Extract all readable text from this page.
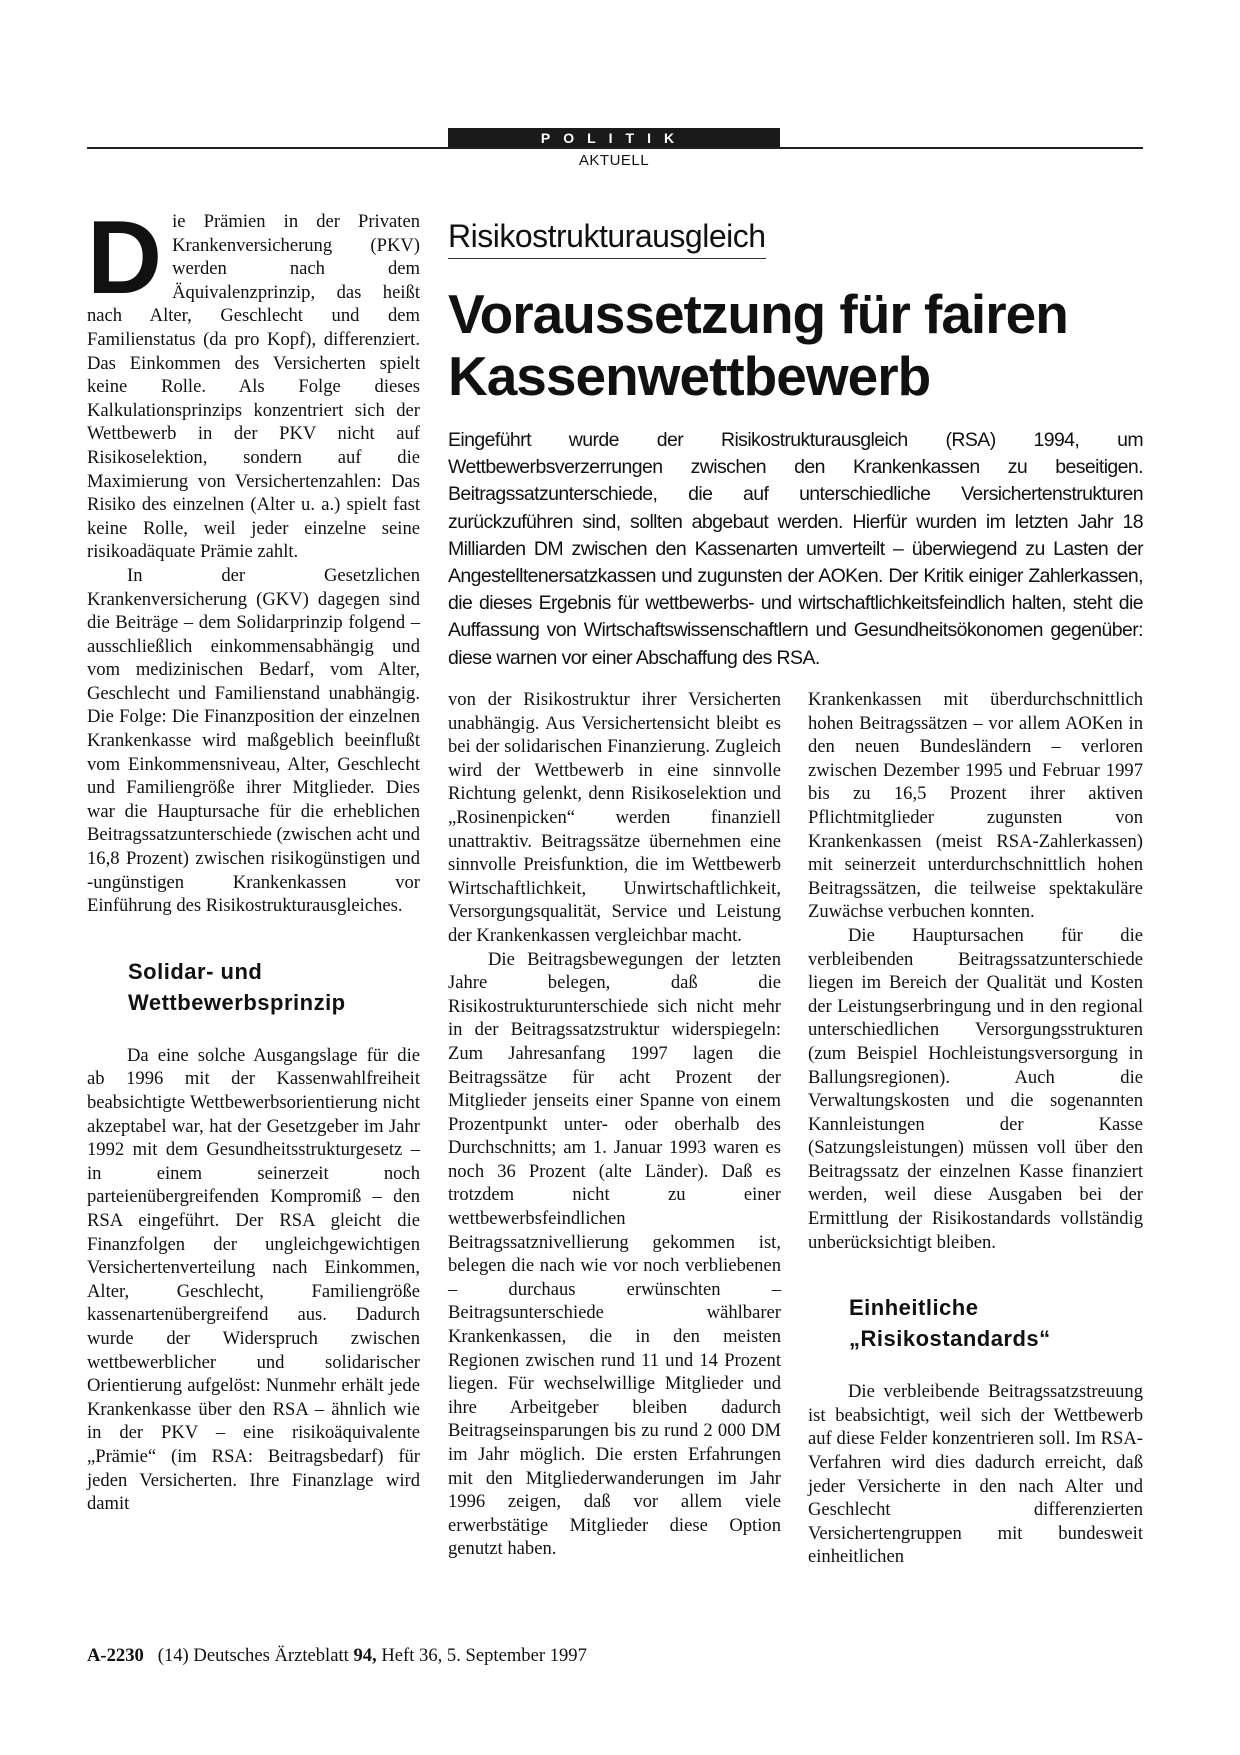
POLITIK
AKTUELL

Die Prämien in der Privaten Krankenversicherung (PKV) werden nach dem Äquivalenzprinzip, das heißt nach Alter, Geschlecht und dem Familienstatus (da pro Kopf), differenziert. Das Einkommen des Versicherten spielt keine Rolle. Als Folge dieses Kalkulationsprinzips konzentriert sich der Wettbewerb in der PKV nicht auf Risikoselektion, sondern auf die Maximierung von Versichertenzahlen: Das Risiko des einzelnen (Alter u. a.) spielt fast keine Rolle, weil jeder einzelne seine risikoadäquate Prämie zahlt.

In der Gesetzlichen Krankenversicherung (GKV) dagegen sind die Beiträge – dem Solidarprinzip folgend – ausschließlich einkommensabhängig und vom medizinischen Bedarf, vom Alter, Geschlecht und Familienstand unabhängig. Die Folge: Die Finanzposition der einzelnen Krankenkasse wird maßgeblich beeinflußt vom Einkommensniveau, Alter, Geschlecht und Familiengröße ihrer Mitglieder. Dies war die Hauptursache für die erheblichen Beitragssatzunterschiede (zwischen acht und 16,8 Prozent) zwischen risikogünstigen und -ungünstigen Krankenkassen vor Einführung des Risikostrukturausgleiches.

Solidar- und
Wettbewerbsprinzip

Da eine solche Ausgangslage für die ab 1996 mit der Kassenwahlfreiheit beabsichtigte Wettbewerbsorientierung nicht akzeptabel war, hat der Gesetzgeber im Jahr 1992 mit dem Gesundheitsstrukturgesetz – in einem seinerzeit noch parteienübergreifenden Kompromiß – den RSA eingeführt. Der RSA gleicht die Finanzfolgen der ungleichgewichtigen Versichertenverteilung nach Einkommen, Alter, Geschlecht, Familiengröße kassenartenübergreifend aus. Dadurch wurde der Widerspruch zwischen wettbewerblicher und solidarischer Orientierung aufgelöst: Nunmehr erhält jede Krankenkasse über den RSA – ähnlich wie in der PKV – eine risikoäquivalente „Prämie“ (im RSA: Beitragsbedarf) für jeden Versicherten. Ihre Finanzlage wird damit

Risikostrukturausgleich
Voraussetzung für fairen
Kassenwettbewerb
Eingeführt wurde der Risikostrukturausgleich (RSA) 1994, um Wettbewerbsverzerrungen zwischen den Krankenkassen zu beseitigen. Beitragssatzunterschiede, die auf unterschiedliche Versichertenstrukturen zurückzuführen sind, sollten abgebaut werden. Hierfür wurden im letzten Jahr 18 Milliarden DM zwischen den Kassenarten umverteilt – überwiegend zu Lasten der Angestelltenersatzkassen und zugunsten der AOKen. Der Kritik einiger Zahlerkassen, die dieses Ergebnis für wettbewerbs- und wirtschaftlichkeitsfeindlich halten, steht die Auffassung von Wirtschaftswissenschaftlern und Gesundheitsökonomen gegenüber: diese warnen vor einer Abschaffung des RSA.

von der Risikostruktur ihrer Versicherten unabhängig. Aus Versichertensicht bleibt es bei der solidarischen Finanzierung. Zugleich wird der Wettbewerb in eine sinnvolle Richtung gelenkt, denn Risikoselektion und „Rosinenpicken“ werden finanziell unattraktiv. Beitragssätze übernehmen eine sinnvolle Preisfunktion, die im Wettbewerb Wirtschaftlichkeit, Unwirtschaftlichkeit, Versorgungsqualität, Service und Leistung der Krankenkassen vergleichbar macht.

Die Beitragsbewegungen der letzten Jahre belegen, daß die Risikostrukturunterschiede sich nicht mehr in der Beitragssatzstruktur widerspiegeln: Zum Jahresanfang 1997 lagen die Beitragssätze für acht Prozent der Mitglieder jenseits einer Spanne von einem Prozentpunkt unter- oder oberhalb des Durchschnitts; am 1. Januar 1993 waren es noch 36 Prozent (alte Länder). Daß es trotzdem nicht zu einer wettbewerbsfeindlichen Beitragssatznivellierung gekommen ist, belegen die nach wie vor noch verbliebenen – durchaus erwünschten – Beitragsunterschiede wählbarer Krankenkassen, die in den meisten Regionen zwischen rund 11 und 14 Prozent liegen. Für wechselwillige Mitglieder und ihre Arbeitgeber bleiben dadurch Beitragseinsparungen bis zu rund 2 000 DM im Jahr möglich. Die ersten Erfahrungen mit den Mitgliederwanderungen im Jahr 1996 zeigen, daß vor allem viele erwerbstätige Mitglieder diese Option genutzt haben.

Krankenkassen mit überdurchschnittlich hohen Beitragssätzen – vor allem AOKen in den neuen Bundesländern – verloren zwischen Dezember 1995 und Februar 1997 bis zu 16,5 Prozent ihrer aktiven Pflichtmitglieder zugunsten von Krankenkassen (meist RSA-Zahlerkassen) mit seinerzeit unterdurchschnittlich hohen Beitragssätzen, die teilweise spektakuläre Zuwächse verbuchen konnten.

Die Hauptursachen für die verbleibenden Beitragssatzunterschiede liegen im Bereich der Qualität und Kosten der Leistungserbringung und in den regional unterschiedlichen Versorgungsstrukturen (zum Beispiel Hochleistungsversorgung in Ballungsregionen). Auch die Verwaltungskosten und die sogenannten Kannleistungen der Kasse (Satzungsleistungen) müssen voll über den Beitragssatz der einzelnen Kasse finanziert werden, weil diese Ausgaben bei der Ermittlung der Risikostandards vollständig unberücksichtigt bleiben.

Einheitliche
„Risikostandards“

Die verbleibende Beitragssatzstreuung ist beabsichtigt, weil sich der Wettbewerb auf diese Felder konzentrieren soll. Im RSA-Verfahren wird dies dadurch erreicht, daß jeder Versicherte in den nach Alter und Geschlecht differenzierten Versichertengruppen mit bundesweit einheitlichen

A-2230 (14) Deutsches Ärzteblatt 94, Heft 36, 5. September 1997
